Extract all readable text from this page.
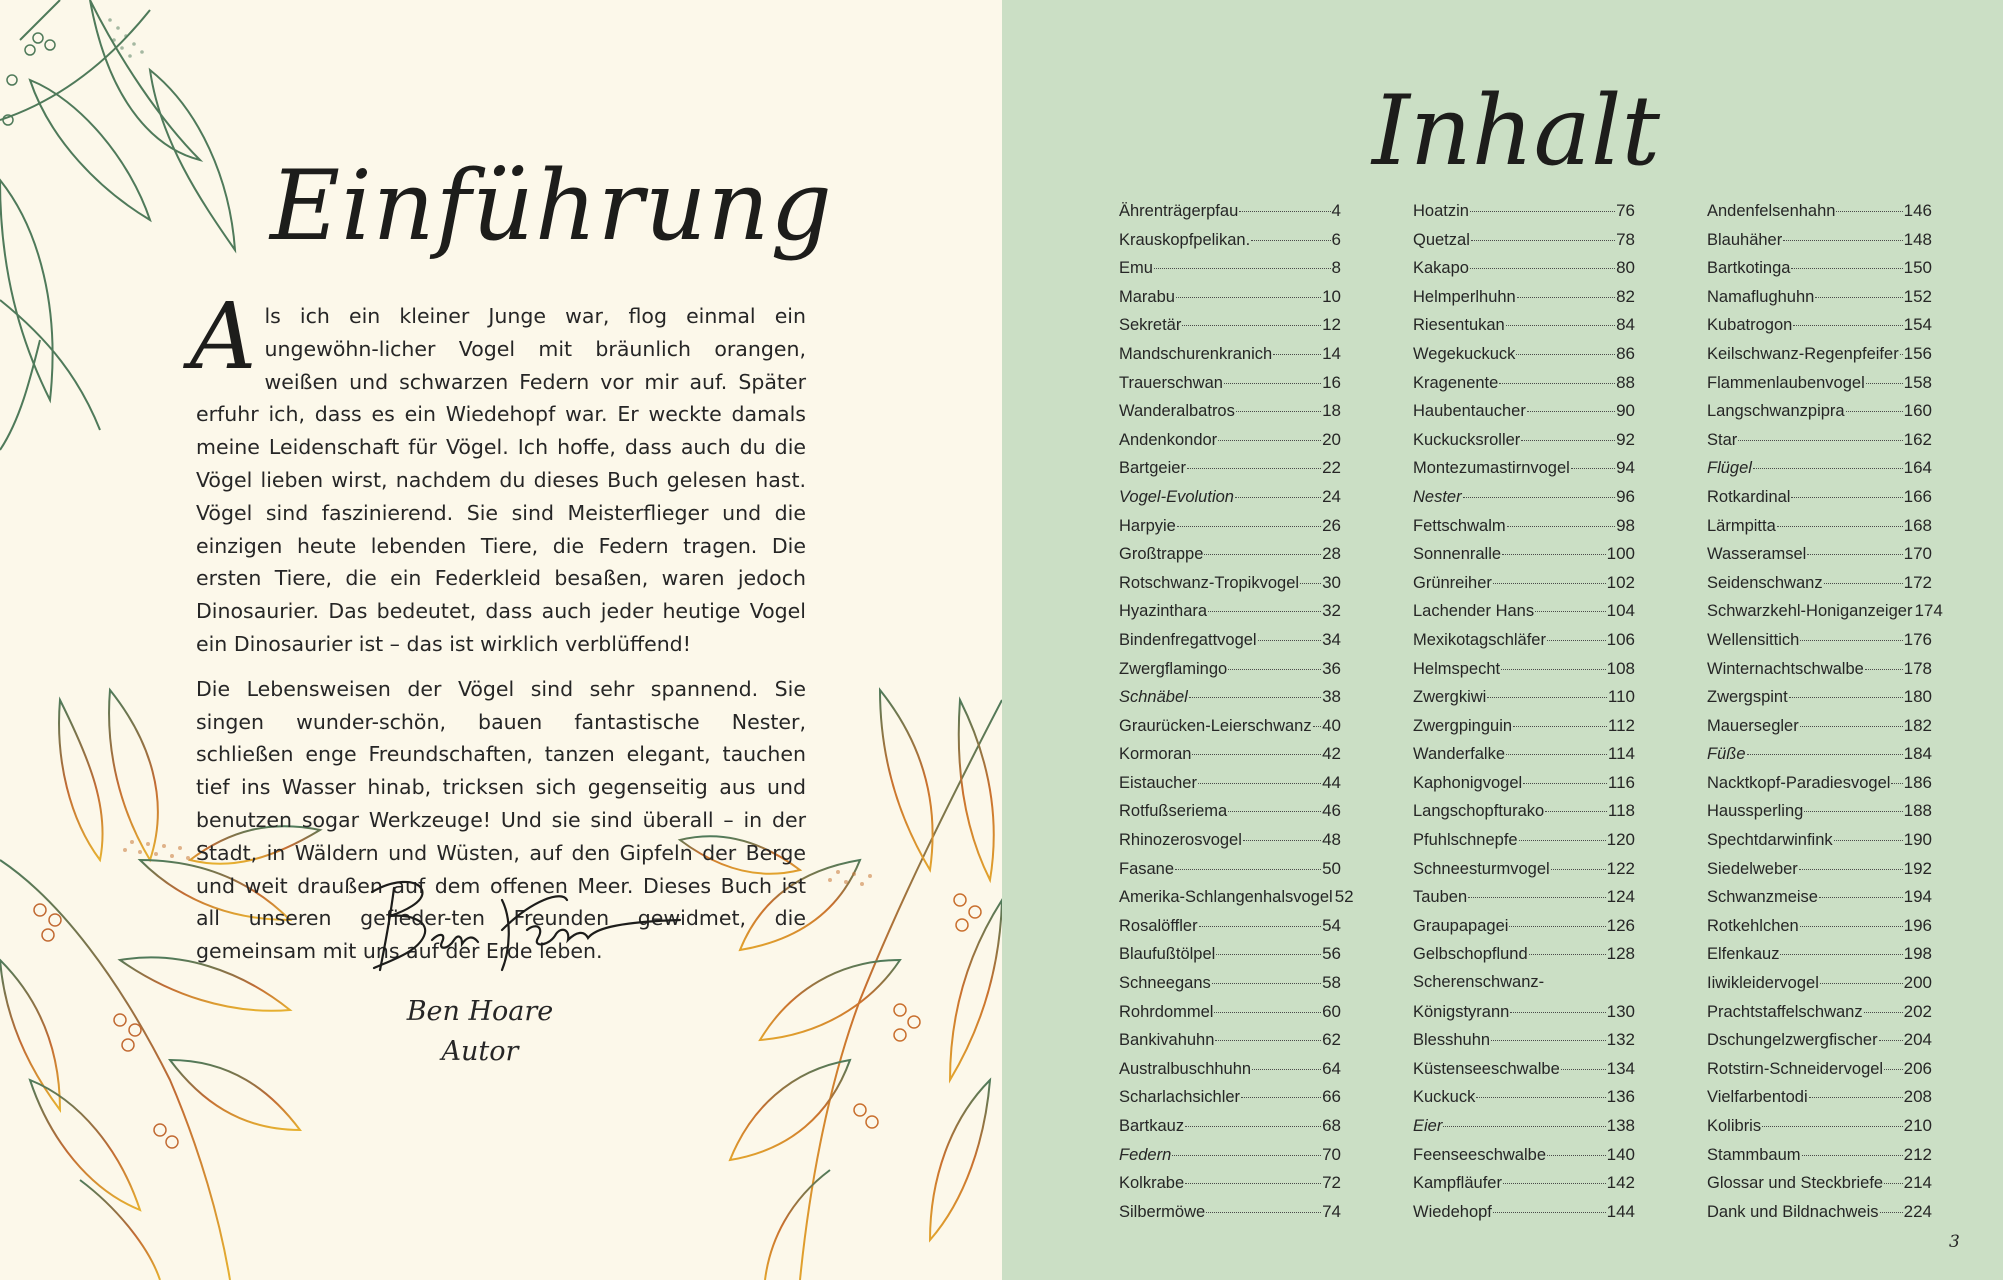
Einführung

Als ich ein kleiner Junge war, flog einmal ein ungewöhn-licher Vogel mit bräunlich orangen, weißen und schwarzen Federn vor mir auf. Später erfuhr ich, dass es ein Wiedehopf war. Er weckte damals meine Leidenschaft für Vögel. Ich hoffe, dass auch du die Vögel lieben wirst, nachdem du dieses Buch gelesen hast. Vögel sind faszinierend. Sie sind Meisterflieger und die einzigen heute lebenden Tiere, die Federn tragen. Die ersten Tiere, die ein Federkleid besaßen, waren jedoch Dinosaurier. Das bedeutet, dass auch jeder heutige Vogel ein Dinosaurier ist – das ist wirklich verblüffend!

Die Lebensweisen der Vögel sind sehr spannend. Sie singen wunder-schön, bauen fantastische Nester, schließen enge Freundschaften, tanzen elegant, tauchen tief ins Wasser hinab, tricksen sich gegenseitig aus und benutzen sogar Werkzeuge! Und sie sind überall – in der Stadt, in Wäldern und Wüsten, auf den Gipfeln der Berge und weit draußen auf dem offenen Meer. Dieses Buch ist all unseren gefieder-ten Freunden gewidmet, die gemeinsam mit uns auf der Erde leben.

Ben Hoare
Autor
Inhalt
Ährenträgerpfau	4
Krauskopfpelikan.	6
Emu	8
Marabu	10
Sekretär	12
Mandschurenkranich	14
Trauerschwan	16
Wanderalbatros	18
Andenkondor	20
Bartgeier	22
Vogel-Evolution	24
Harpyie	26
Großtrappe	28
Rotschwanz-Tropikvogel 30
Hyazinthara	32
Bindenfregattvogel	34
Zwergflamingo	36
Schnäbel	38
Graurücken-Leierschwanz 40
Kormoran	42
Eistaucher	44
Rotfußseriema	46
Rhinozerosvogel	48
Fasane	50
Amerika-Schlangenhalsvogel 52
Rosalöffler	54
Blaufußtölpel	56
Schneegans	58
Rohrdommel	60
Bankivahuhn	62
Australbuschhuhn	64
Scharlachsichler	66
Bartkauz	68
Federn	70
Kolkrabe	72
Silbermöwe	74
Hoatzin	76
Quetzal	78
Kakapo	80
Helmperlhuhn	82
Riesentukan	84
Wegekuckuck	86
Kragenente	88
Haubentaucher	90
Kuckucksroller	92
Montezumastirnvogel	94
Nester	96
Fettschwalm	98
Sonnenralle	100
Grünreiher	102
Lachender Hans	104
Mexikotagschläfer	106
Helmspecht	108
Zwergkiwi	110
Zwergpinguin	112
Wanderfalke	114
Kaphonigvogel	116
Langschopfturako	118
Pfuhlschnepfe	120
Schneesturmvogel	122
Tauben	124
Graupapagei	126
Gelbschopflund	128
Scherenschwanz-
Königstyrann	130
Blesshuhn	132
Küstenseeschwalbe	134
Kuckuck	136
Eier	138
Feenseeschwalbe	140
Kampfläufer	142
Wiedehopf	144
Andenfelsenhahn	146
Blauhäher	148
Bartkotinga	150
Namaflughuhn	152
Kubatrogon	154
Keilschwanz-Regenpfeifer 156
Flammenlaubenvogel 158
Langschwanzpipra	160
Star	162
Flügel	164
Rotkardinal	166
Lärmpitta	168
Wasseramsel	170
Seidenschwanz	172
Schwarzkehl-Honiganzeiger 174
Wellensittich	176
Winternachtschwalbe 178
Zwergspint	180
Mauersegler	182
Füße	184
Nacktkopf-Paradiesvogel 186
Haussperling	188
Spechtdarwinfink	190
Siedelweber	192
Schwanzmeise	194
Rotkehlchen	196
Elfenkauz	198
Iiwikleidervogel	200
Prachtstaffelschwanz 202
Dschungelzwergfischer 204
Rotstirn-Schneidervogel 206
Vielfarbentodi	208
Kolibris	210
Stammbaum	212
Glossar und Steckbriefe 214
Dank und Bildnachweis 224
3
